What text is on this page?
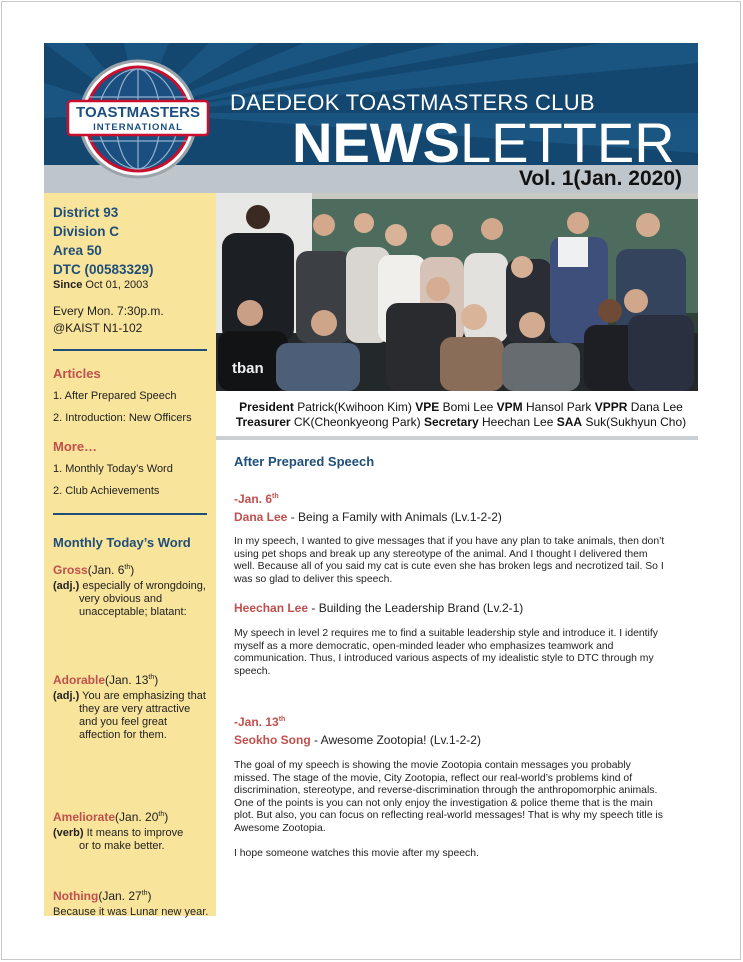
DAEDEOK TOASTMASTERS CLUB
NEWSLETTER
TOASTMASTERS
INTERNATIONAL
Vol. 1(Jan. 2020)
District 93
Division C
Area 50
DTC (00583329)
Since Oct 01, 2003
Every Mon. 7:30p.m.
@KAIST N1-102
Articles
1. After Prepared Speech
2. Introduction: New Officers
More…
1. Monthly Today’s Word
2. Club Achievements
Monthly Today’s Word
Gross(Jan. 6th)
(adj.) especially of wrongdoing,
very obvious and
unacceptable; blatant:
Adorable(Jan. 13th)
(adj.) You are emphasizing that
they are very attractive
and you feel great
affection for them.
Ameliorate(Jan. 20th)
(verb) It means to improve
or to make better.
Nothing(Jan. 27th)
Because it was Lunar new year.
tban
President Patrick(Kwihoon Kim) VPE Bomi Lee VPM Hansol Park VPPR Dana Lee
Treasurer CK(Cheonkyeong Park) Secretary Heechan Lee SAA Suk(Sukhyun Cho)
After Prepared Speech
-Jan. 6th
Dana Lee - Being a Family with Animals (Lv.1-2-2)
In my speech, I wanted to give messages that if you have any plan to take animals, then don’t
using pet shops and break up any stereotype of the animal. And I thought I delivered them
well. Because all of you said my cat is cute even she has broken legs and necrotized tail. So I
was so glad to deliver this speech.
Heechan Lee - Building the Leadership Brand (Lv.2-1)
My speech in level 2 requires me to find a suitable leadership style and introduce it. I identify
myself as a more democratic, open-minded leader who emphasizes teamwork and
communication. Thus, I introduced various aspects of my idealistic style to DTC through my
speech.
-Jan. 13th
Seokho Song - Awesome Zootopia! (Lv.1-2-2)
The goal of my speech is showing the movie Zootopia contain messages you probably
missed. The stage of the movie, City Zootopia, reflect our real-world’s problems kind of
discrimination, stereotype, and reverse-discrimination through the anthropomorphic animals.
One of the points is you can not only enjoy the investigation & police theme that is the main
plot. But also, you can focus on reflecting real-world messages! That is why my speech title is
Awesome Zootopia.
I hope someone watches this movie after my speech.
